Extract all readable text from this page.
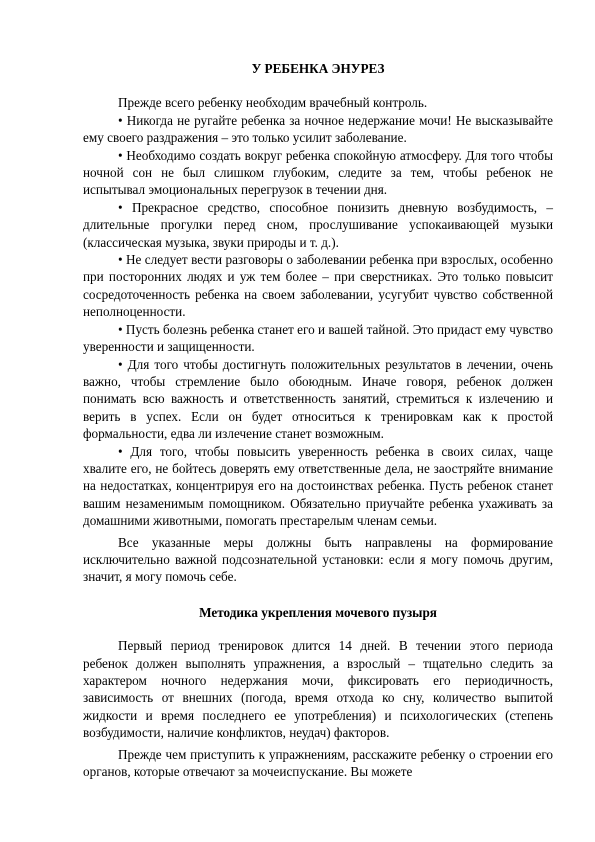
У РЕБЕНКА ЭНУРЕЗ

Прежде всего ребенку необходим врачебный контроль.

• Никогда не ругайте ребенка за ночное недержание мочи! Не высказывайте ему своего раздражения – это только усилит заболевание.

• Необходимо создать вокруг ребенка спокойную атмосферу. Для того чтобы ночной сон не был слишком глубоким, следите за тем, чтобы ребенок не испытывал эмоциональных перегрузок в течении дня.

• Прекрасное средство, способное понизить дневную возбудимость, – длительные прогулки перед сном, прослушивание успокаивающей музыки (классическая музыка, звуки природы и т. д.).

• Не следует вести разговоры о заболевании ребенка при взрослых, особенно при посторонних людях и уж тем более – при сверстниках. Это только повысит сосредоточенность ребенка на своем заболевании, усугубит чувство собственной неполноценности.

• Пусть болезнь ребенка станет его и вашей тайной. Это придаст ему чувство уверенности и защищенности.

• Для того чтобы достигнуть положительных результатов в лечении, очень важно, чтобы стремление было обоюдным. Иначе говоря, ребенок должен понимать всю важность и ответственность занятий, стремиться к излечению и верить в успех. Если он будет относиться к тренировкам как к простой формальности, едва ли излечение станет возможным.

• Для того, чтобы повысить уверенность ребенка в своих силах, чаще хвалите его, не бойтесь доверять ему ответственные дела, не заостряйте внимание на недостатках, концентрируя его на достоинствах ребенка. Пусть ребенок станет вашим незаменимым помощником. Обязательно приучайте ребенка ухаживать за домашними животными, помогать престарелым членам семьи.

Все указанные меры должны быть направлены на формирование исключительно важной подсознательной установки: если я могу помочь другим, значит, я могу помочь себе.

Методика укрепления мочевого пузыря

Первый период тренировок длится 14 дней. В течении этого периода ребенок должен выполнять упражнения, а взрослый – тщательно следить за характером ночного недержания мочи, фиксировать его периодичность, зависимость от внешних (погода, время отхода ко сну, количество выпитой жидкости и время последнего ее употребления) и психологических (степень возбудимости, наличие конфликтов, неудач) факторов.

Прежде чем приступить к упражнениям, расскажите ребенку о строении его органов, которые отвечают за мочеиспускание. Вы можете
